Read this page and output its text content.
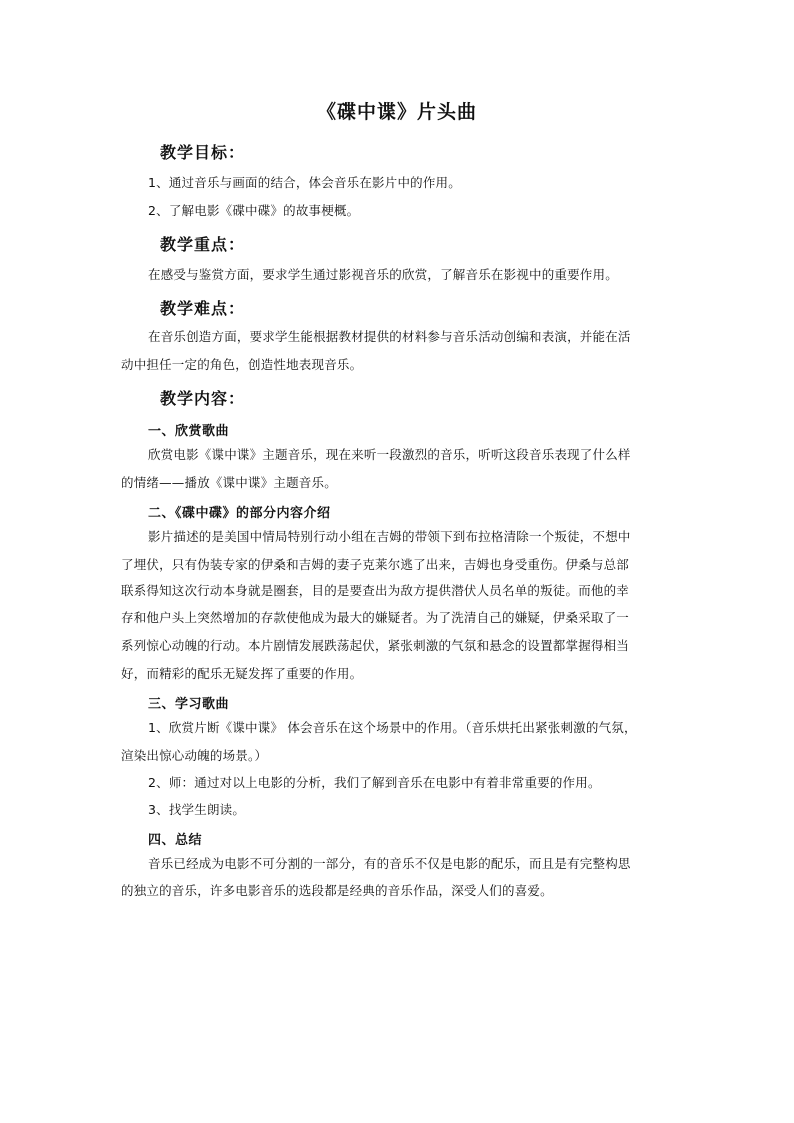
《碟中谍》片头曲
教学目标：
1、通过音乐与画面的结合，体会音乐在影片中的作用。
2、了解电影《碟中碟》的故事梗概。
教学重点：
在感受与鉴赏方面，要求学生通过影视音乐的欣赏，了解音乐在影视中的重要作用。
教学难点：
在音乐创造方面，要求学生能根据教材提供的材料参与音乐活动创编和表演，并能在活
动中担任一定的角色，创造性地表现音乐。
教学内容：
一、欣赏歌曲
欣赏电影《谍中谍》主题音乐，现在来听一段激烈的音乐，听听这段音乐表现了什么样
的情绪——播放《谍中谍》主题音乐。
二、《碟中碟》的部分内容介绍
影片描述的是美国中情局特别行动小组在吉姆的带领下到布拉格清除一个叛徒，不想中
了埋伏，只有伪装专家的伊桑和吉姆的妻子克莱尔逃了出来，吉姆也身受重伤。伊桑与总部
联系得知这次行动本身就是圈套，目的是要查出为敌方提供潜伏人员名单的叛徒。而他的幸
存和他户头上突然增加的存款使他成为最大的嫌疑者。为了洗清自己的嫌疑，伊桑采取了一
系列惊心动魄的行动。本片剧情发展跌荡起伏，紧张刺激的气氛和悬念的设置都掌握得相当
好，而精彩的配乐无疑发挥了重要的作用。
三、学习歌曲
1、欣赏片断《谍中谍》 体会音乐在这个场景中的作用。（音乐烘托出紧张刺激的气氛，
渲染出惊心动魄的场景。）
2、师：通过对以上电影的分析，我们了解到音乐在电影中有着非常重要的作用。
3、找学生朗读。
四、总结
音乐已经成为电影不可分割的一部分，有的音乐不仅是电影的配乐，而且是有完整构思
的独立的音乐，许多电影音乐的选段都是经典的音乐作品，深受人们的喜爱。
